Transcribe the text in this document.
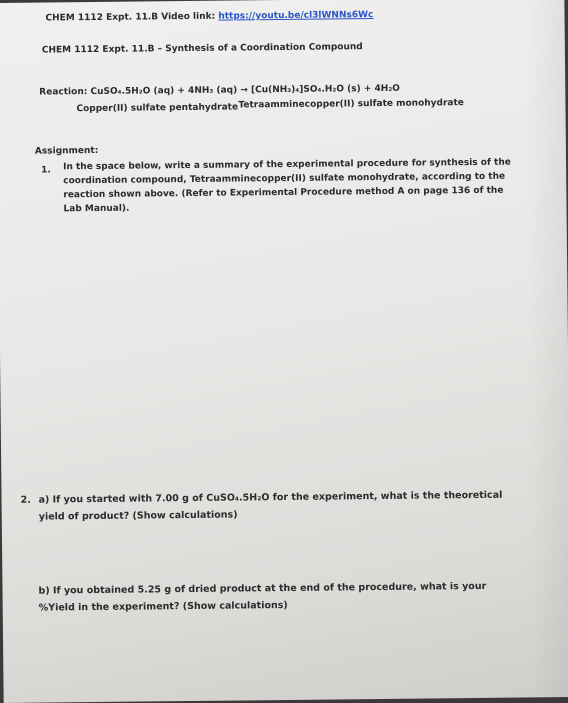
CHEM 1112 Expt. 11.B Video link: https://youtu.be/cl3lWNNs6Wc
CHEM 1112 Expt. 11.B – Synthesis of a Coordination Compound
Reaction: CuSO₄.5H₂O (aq) + 4NH₃ (aq) → [Cu(NH₃)₄]SO₄.H₂O (s) + 4H₂O
Copper(II) sulfate pentahydrate Tetraamminecopper(II) sulfate monohydrate
Assignment:
1. In the space below, write a summary of the experimental procedure for synthesis of the
coordination compound, Tetraamminecopper(II) sulfate monohydrate, according to the
reaction shown above. (Refer to Experimental Procedure method A on page 136 of the
Lab Manual).
2. a) If you started with 7.00 g of CuSO₄.5H₂O for the experiment, what is the theoretical
yield of product? (Show calculations)
b) If you obtained 5.25 g of dried product at the end of the procedure, what is your
%Yield in the experiment? (Show calculations)
